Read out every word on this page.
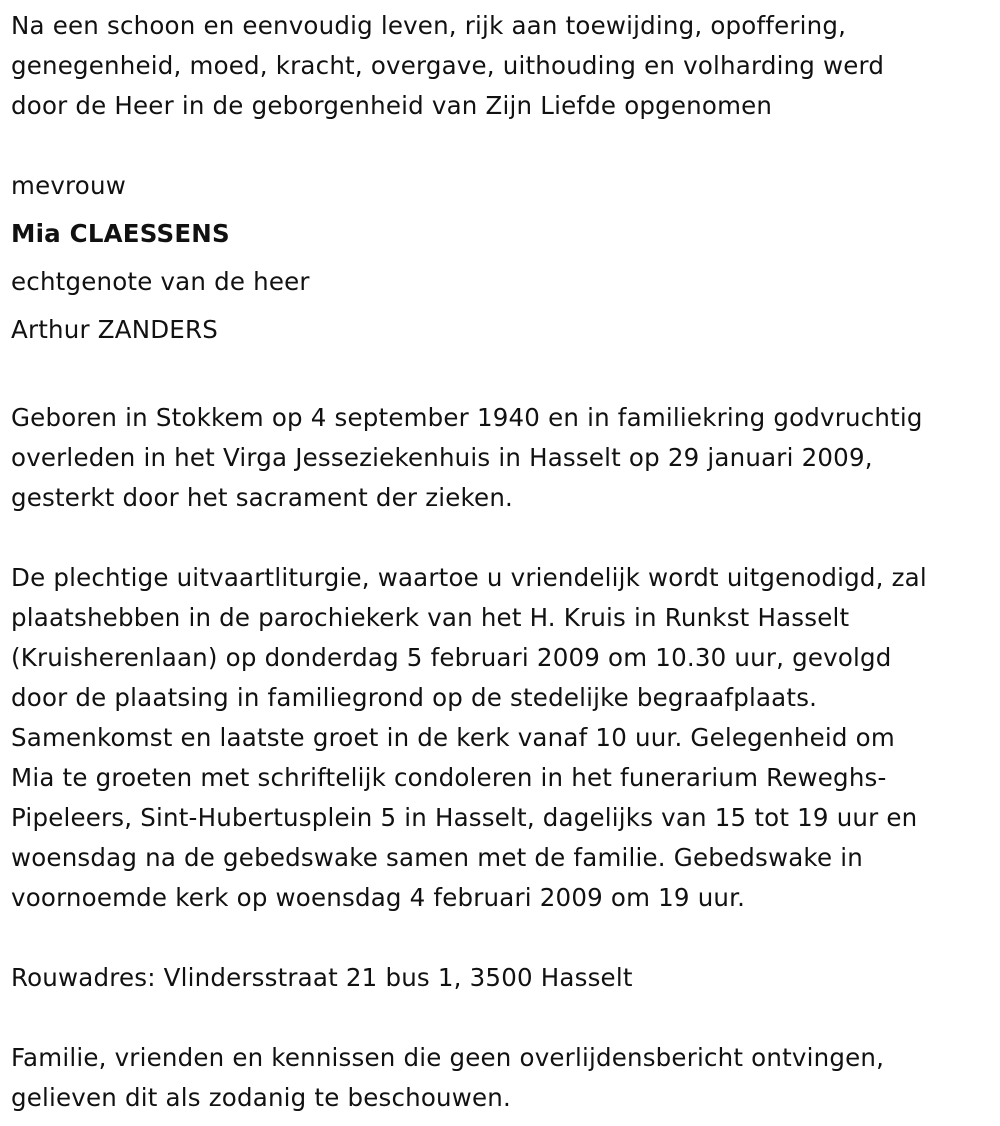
Na een schoon en eenvoudig leven, rijk aan toewijding, opoffering,
genegenheid, moed, kracht, overgave, uithouding en volharding werd
door de Heer in de geborgenheid van Zijn Liefde opgenomen

mevrouw

Mia CLAESSENS

echtgenote van de heer

Arthur ZANDERS

Geboren in Stokkem op 4 september 1940 en in familiekring godvruchtig
overleden in het Virga Jesseziekenhuis in Hasselt op 29 januari 2009,
gesterkt door het sacrament der zieken.

De plechtige uitvaartliturgie, waartoe u vriendelijk wordt uitgenodigd, zal
plaatshebben in de parochiekerk van het H. Kruis in Runkst Hasselt
(Kruisherenlaan) op donderdag 5 februari 2009 om 10.30 uur, gevolgd
door de plaatsing in familiegrond op de stedelijke begraafplaats.
Samenkomst en laatste groet in de kerk vanaf 10 uur. Gelegenheid om
Mia te groeten met schriftelijk condoleren in het funerarium Reweghs-
Pipeleers, Sint-Hubertusplein 5 in Hasselt, dagelijks van 15 tot 19 uur en
woensdag na de gebedswake samen met de familie. Gebedswake in
voornoemde kerk op woensdag 4 februari 2009 om 19 uur.

Rouwadres: Vlindersstraat 21 bus 1, 3500 Hasselt

Familie, vrienden en kennissen die geen overlijdensbericht ontvingen,
gelieven dit als zodanig te beschouwen.
